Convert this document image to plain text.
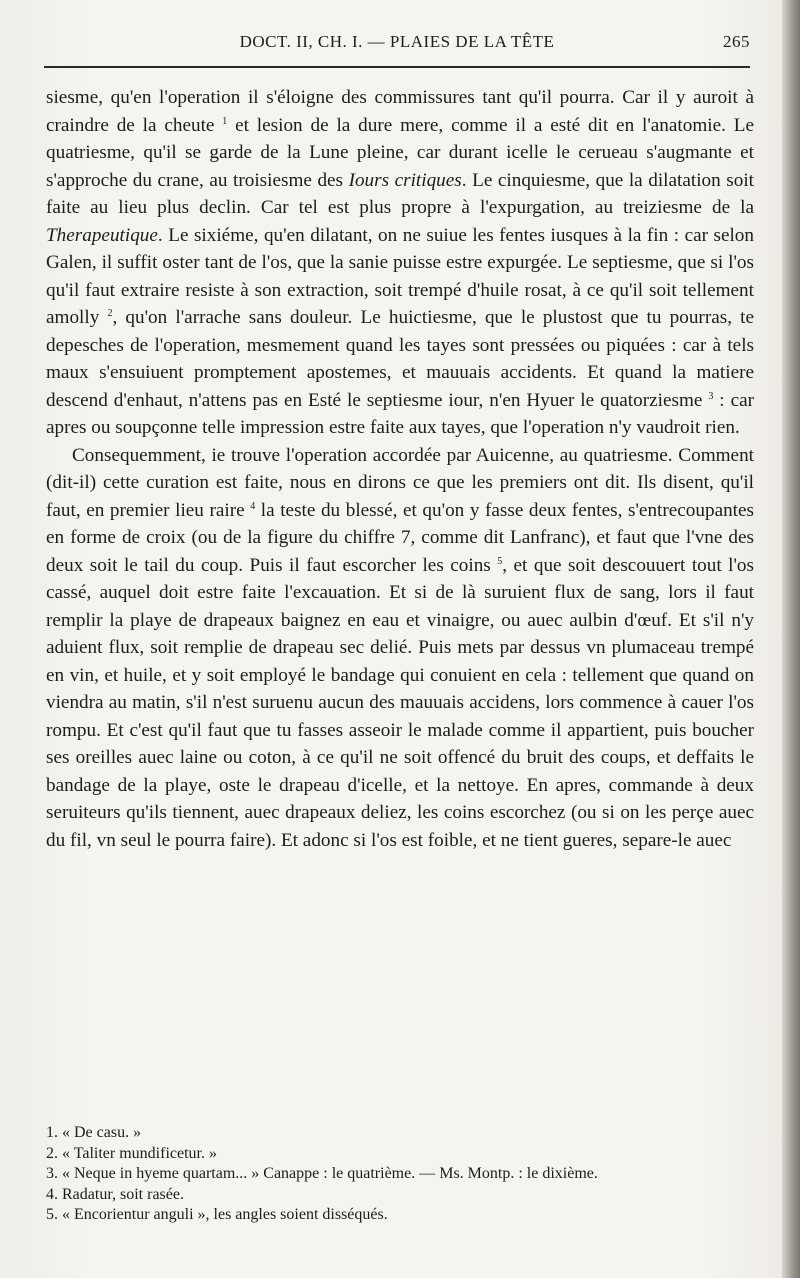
DOCT. II, CH. I. — PLAIES DE LA TÊTE	265

siesme, qu'en l'operation il s'éloigne des commissures tant qu'il pourra. Car il y auroit à craindre de la cheute $^1$ et lesion de la dure mere, comme il a esté dit en l'anatomie. Le quatriesme, qu'il se garde de la Lune pleine, car durant icelle le cerueau s'augmante et s'approche du crane, au troisiesme des Iours critiques. Le cinquiesme, que la dilatation soit faite au lieu plus declin. Car tel est plus propre à l'expurgation, au treiziesme de la Therapeutique. Le sixiéme, qu'en dilatant, on ne suiue les fentes iusques à la fin : car selon Galen, il suffit oster tant de l'os, que la sanie puisse estre expurgée. Le septiesme, que si l'os qu'il faut extraire resiste à son extraction, soit trempé d'huile rosat, à ce qu'il soit tellement amolly $^2$, qu'on l'arrache sans douleur. Le huictiesme, que le plustost que tu pourras, te depesches de l'operation, mesmement quand les tayes sont pressées ou piquées : car à tels maux s'ensuiuent promptement apostemes, et mauuais accidents. Et quand la matiere descend d'enhaut, n'attens pas en Esté le septiesme iour, n'en Hyuer le quatorziesme $^3$ : car apres ou soupçonne telle impression estre faite aux tayes, que l'operation n'y vaudroit rien.

Consequemment, ie trouve l'operation accordée par Auicenne, au quatriesme. Comment (dit-il) cette curation est faite, nous en dirons ce que les premiers ont dit. Ils disent, qu'il faut, en premier lieu raire $^4$ la teste du blessé, et qu'on y fasse deux fentes, s'entrecoupantes en forme de croix (ou de la figure du chiffre 7, comme dit Lanfranc), et faut que l'vne des deux soit le tail du coup. Puis il faut escorcher les coins $^5$, et que soit descouuert tout l'os cassé, auquel doit estre faite l'excauation. Et si de là suruient flux de sang, lors il faut remplir la playe de drapeaux baignez en eau et vinaigre, ou auec aulbin d'œuf. Et s'il n'y aduient flux, soit remplie de drapeau sec delié. Puis mets par dessus vn plumaceau trempé en vin, et huile, et y soit employé le bandage qui conuient en cela : tellement que quand on viendra au matin, s'il n'est suruenu aucun des mauuais accidens, lors commence à cauer l'os rompu. Et c'est qu'il faut que tu fasses asseoir le malade comme il appartient, puis boucher ses oreilles auec laine ou coton, à ce qu'il ne soit offencé du bruit des coups, et deffaits le bandage de la playe, oste le drapeau d'icelle, et la nettoye. En apres, commande à deux seruiteurs qu'ils tiennent, auec drapeaux deliez, les coins escorchez (ou si on les perçe auec du fil, vn seul le pourra faire). Et adonc si l'os est foible, et ne tient gueres, separe-le auec

1. « De casu. »
2. « Taliter mundificetur. »
3. « Neque in hyeme quartam... » Canappe : le quatrième. — Ms. Montp. : le dixième.
4. Radatur, soit rasée.
5. « Encorientur anguli », les angles soient disséqués.
